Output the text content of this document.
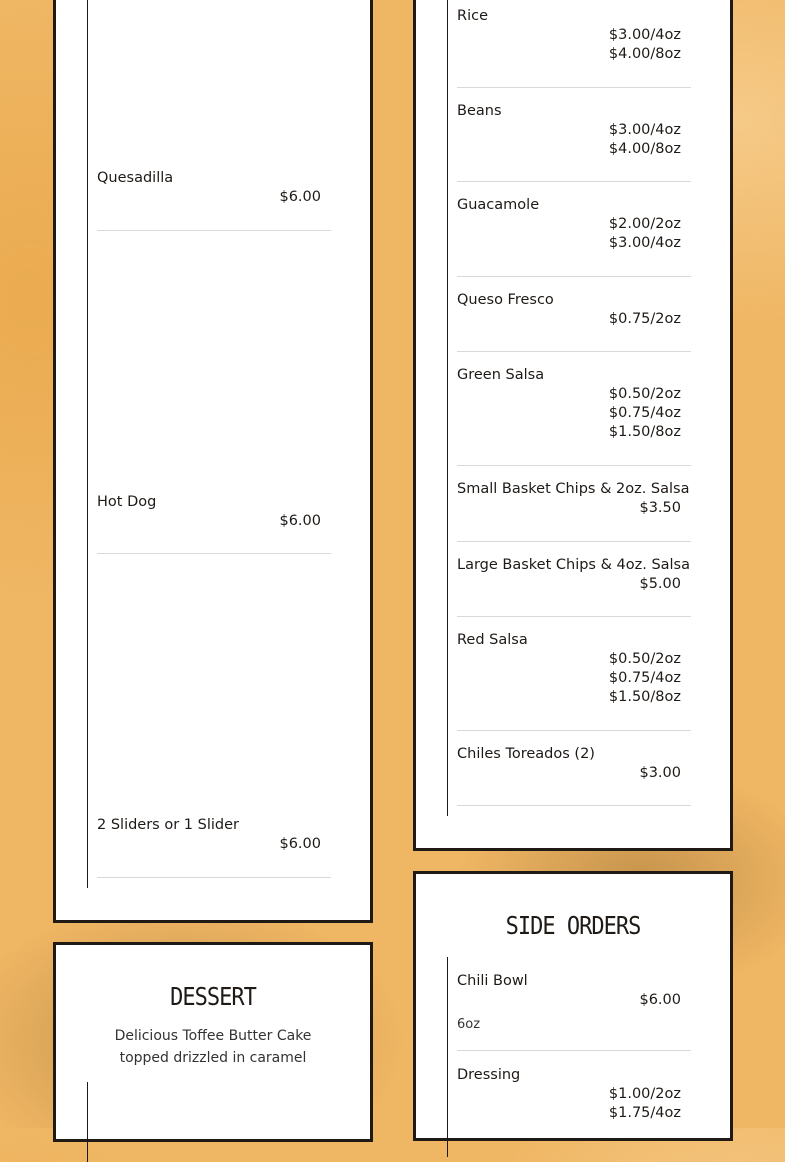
Quesadilla
$6.00
Hot Dog
$6.00
2 Sliders or 1 Slider
$6.00
DESSERT
Delicious Toffee Butter Cake topped drizzled in caramel
Rice
$3.00/4oz
$4.00/8oz
Beans
$3.00/4oz
$4.00/8oz
Guacamole
$2.00/2oz
$3.00/4oz
Queso Fresco
$0.75/2oz
Green Salsa
$0.50/2oz
$0.75/4oz
$1.50/8oz
Small Basket Chips & 2oz. Salsa
$3.50
Large Basket Chips & 4oz. Salsa
$5.00
Red Salsa
$0.50/2oz
$0.75/4oz
$1.50/8oz
Chiles Toreados (2)
$3.00
SIDE ORDERS
Chili Bowl
$6.00
6oz
Dressing
$1.00/2oz
$1.75/4oz
